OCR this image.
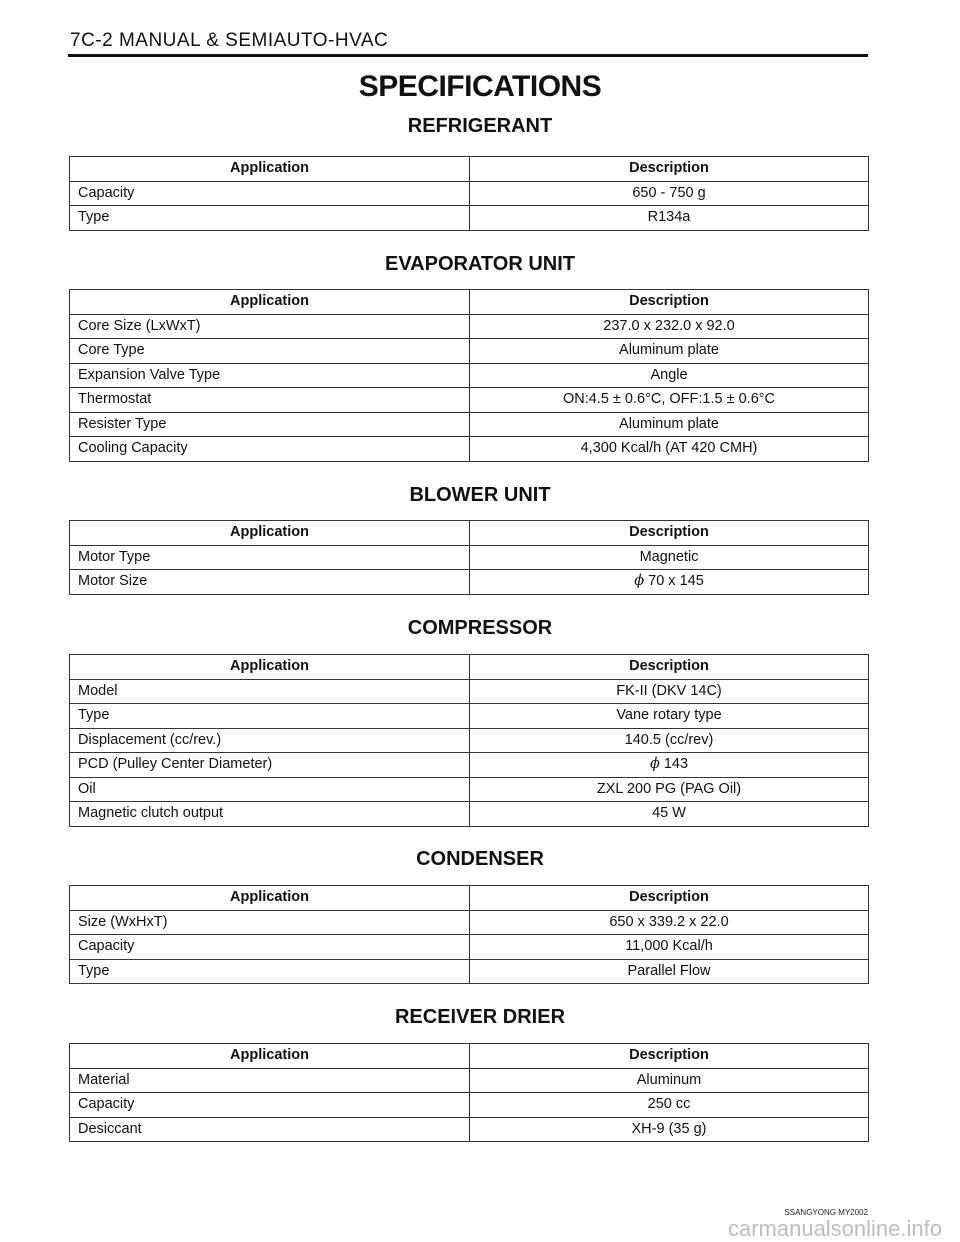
7C-2 MANUAL & SEMIAUTO-HVAC
SPECIFICATIONS
REFRIGERANT
Application	Description
Capacity	650 - 750 g
Type	R134a
EVAPORATOR UNIT
Application	Description
Core Size (LxWxT)	237.0 x 232.0 x 92.0
Core Type	Aluminum plate
Expansion Valve Type	Angle
Thermostat	ON:4.5 ± 0.6°C, OFF:1.5 ± 0.6°C
Resister Type	Aluminum plate
Cooling Capacity	4,300 Kcal/h (AT 420 CMH)
BLOWER UNIT
Application	Description
Motor Type	Magnetic
Motor Size	ϕ 70 x 145
COMPRESSOR
Application	Description
Model	FK-II (DKV 14C)
Type	Vane rotary type
Displacement (cc/rev.)	140.5 (cc/rev)
PCD (Pulley Center Diameter)	ϕ 143
Oil	ZXL 200 PG (PAG Oil)
Magnetic clutch output	45 W
CONDENSER
Application	Description
Size (WxHxT)	650 x 339.2 x 22.0
Capacity	11,000 Kcal/h
Type	Parallel Flow
RECEIVER DRIER
Application	Description
Material	Aluminum
Capacity	250 cc
Desiccant	XH-9 (35 g)
SSANGYONG MY2002
carmanualsonline.info
